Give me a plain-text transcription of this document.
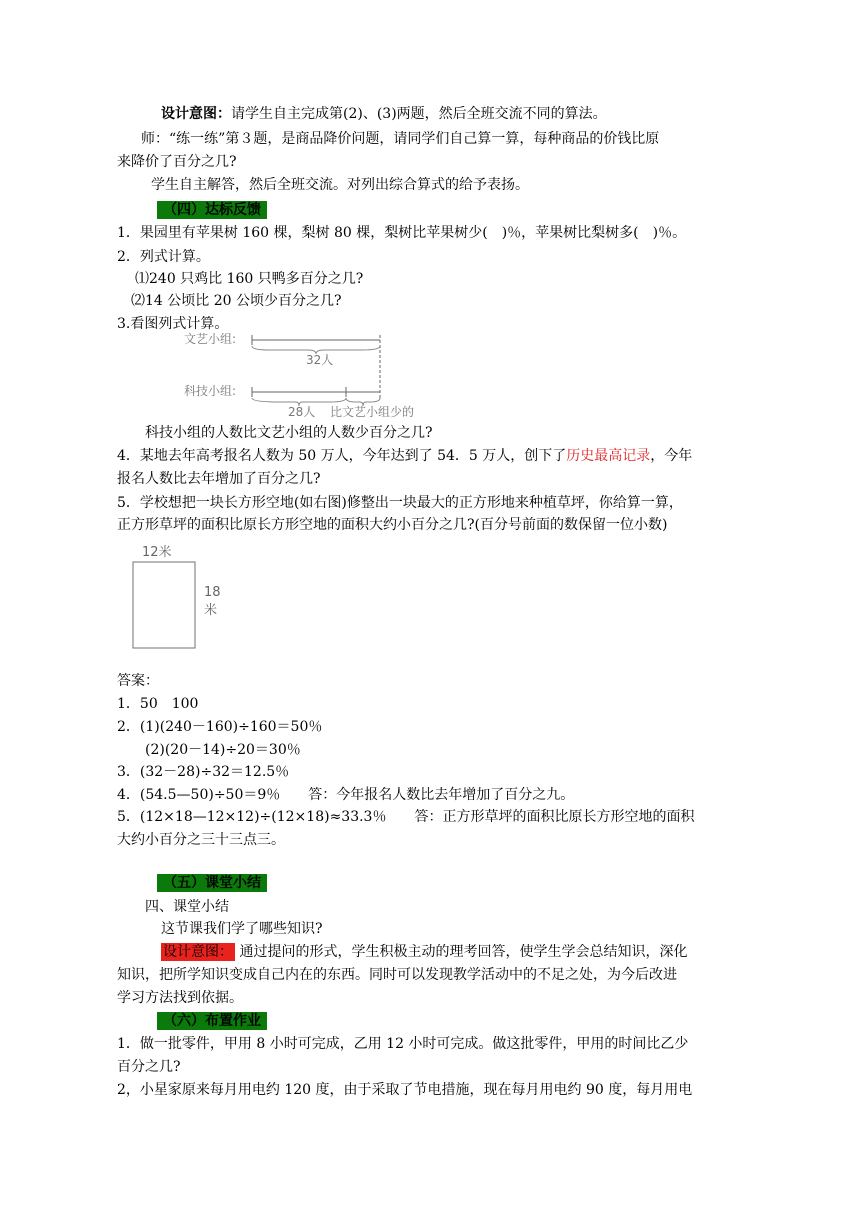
设计意图：请学生自主完成第(2)、(3)两题，然后全班交流不同的算法。
师：“练一练”第３题，是商品降价问题，请同学们自己算一算，每种商品的价钱比原
来降价了百分之几?
学生自主解答，然后全班交流。对列出综合算式的给予表扬。
（四）达标反馈
1．果园里有苹果树 160 棵，梨树 80 棵，梨树比苹果树少(　)％，苹果树比梨树多(　)％。
2．列式计算。
⑴240 只鸡比 160 只鸭多百分之几?
⑵14 公顷比 20 公顷少百分之几?
3.看图列式计算。
文艺小组:
32人
科技小组:
28人 比文艺小组少的
科技小组的人数比文艺小组的人数少百分之几?
4．某地去年高考报名人数为 50 万人，今年达到了 54．5 万人，创下了历史最高记录，今年
报名人数比去年增加了百分之几?
5．学校想把一块长方形空地(如右图)修整出一块最大的正方形地来种植草坪，你给算一算，
正方形草坪的面积比原长方形空地的面积大约小百分之几?(百分号前面的数保留一位小数)
12米
18
米
答案：
1．50　100
2．(1)(240－160)÷160＝50％
(2)(20－14)÷20＝30％
3．(32－28)÷32＝12.5％
4．(54.5—50)÷50＝9％　　答：今年报名人数比去年增加了百分之九。
5．(12×18—12×12)÷(12×18)≈33.3％　　答：正方形草坪的面积比原长方形空地的面积
大约小百分之三十三点三。
（五）课堂小结
四、课堂小结
这节课我们学了哪些知识?
设计意图： 通过提问的形式，学生积极主动的理考回答，使学生学会总结知识，深化
知识，把所学知识变成自己内在的东西。同时可以发现教学活动中的不足之处，为今后改进
学习方法找到依据。
（六）布置作业
1．做一批零件，甲用 8 小时可完成，乙用 12 小时可完成。做这批零件，甲用的时间比乙少
百分之几?
2，小星家原来每月用电约 120 度，由于采取了节电措施，现在每月用电约 90 度，每月用电
